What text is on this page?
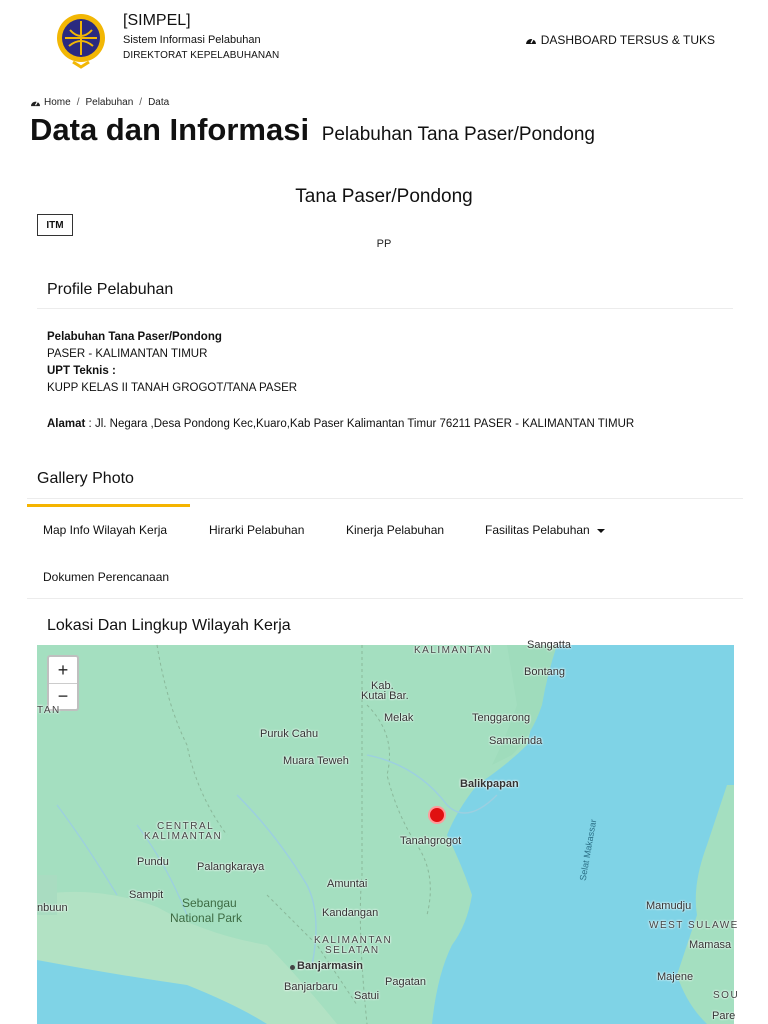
[SIMPEL]
Sistem Informasi Pelabuhan
DIREKTORAT KEPELABUHANAN
DASHBOARD TERSUS & TUKS
Home / Pelabuhan / Data
Data dan Informasi Pelabuhan Tana Paser/Pondong
Tana Paser/Pondong
ITM
PP
Profile Pelabuhan
Pelabuhan Tana Paser/Pondong
PASER - KALIMANTAN TIMUR
UPT Teknis :
KUPP KELAS II TANAH GROGOT/TANA PASER
Alamat : Jl. Negara ,Desa Pondong Kec,Kuaro,Kab Paser Kalimantan Timur 76211 PASER - KALIMANTAN TIMUR
Gallery Photo
Map Info Wilayah Kerja	Hirarki Pelabuhan	Kinerja Pelabuhan	Fasilitas Pelabuhan
Dokumen Perencanaan
Lokasi Dan Lingkup Wilayah Kerja
+
−
KALIMANTAN	Sangatta
Bontang
Kab.
Kutai Bar.
Melak	Tenggarong
Samarinda
Puruk Cahu
Muara Teweh
Balikpapan
CENTRAL
KALIMANTAN	Tanahgrogot	Selat Makassar
Pundu	Palangkaraya
Amuntai
Sampit
Sebangau
National Park	Kandangan
nbuun
KALIMANTAN
SELATAN
Banjarmasin
Banjarbaru	Pagatan
Satui
Mamudju
WEST SULAWE
Mamasa
Majene
SOU
Pare
TAN
